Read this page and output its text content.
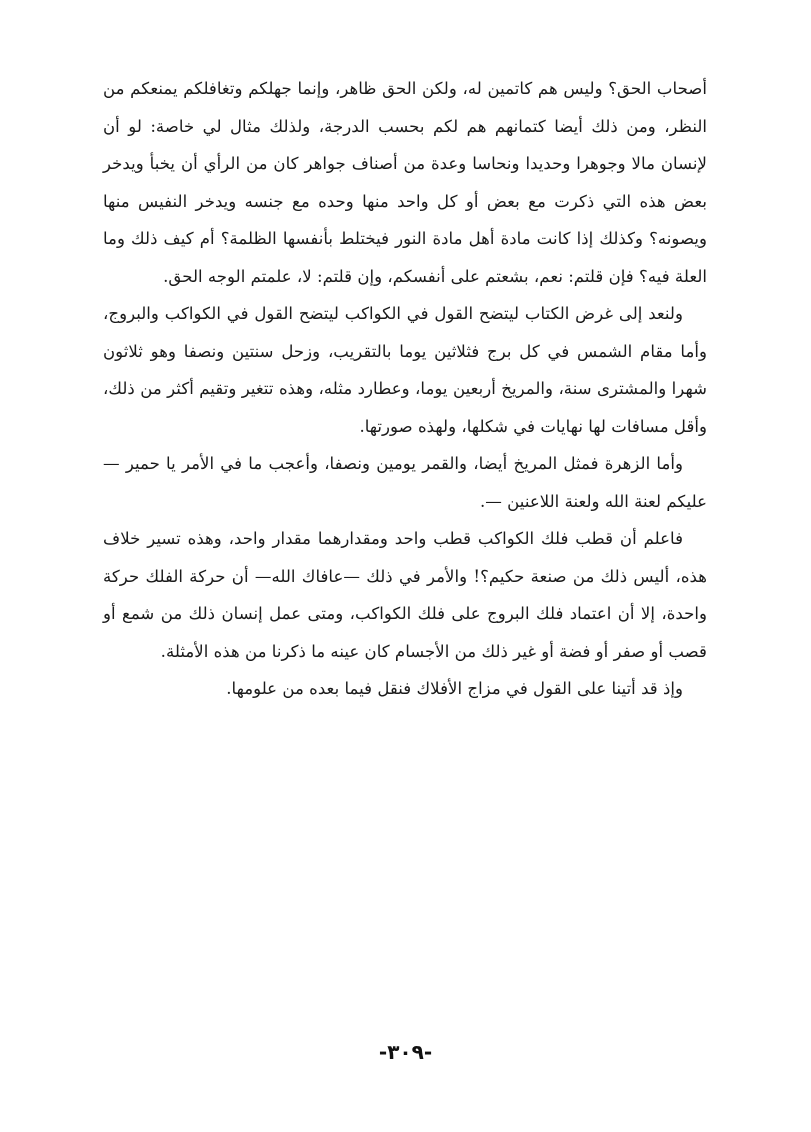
أصحاب الحق؟ وليس هم كاتمين له، ولكن الحق ظاهر، وإنما جهلكم وتغافلكم يمنعكم من النظر، ومن ذلك أيضا كتمانهم هم لكم بحسب الدرجة، ولذلك مثال لي خاصة: لو أن لإنسان مالا وجوهرا وحديدا ونحاسا وعدة من أصناف جواهر كان من الرأي أن يخبأ ويدخر بعض هذه التي ذكرت مع بعض أو كل واحد منها وحده مع جنسه ويدخر النفيس منها ويصونه؟ وكذلك إذا كانت مادة أهل مادة النور فيختلط بأنفسها الظلمة؟ أم كيف ذلك وما العلة فيه؟ فإن قلتم: نعم، بشعتم على أنفسكم، وإن قلتم: لا، علمتم الوجه الحق.

ولنعد إلى غرض الكتاب ليتضح القول في الكواكب ليتضح القول في الكواكب والبروج، وأما مقام الشمس في كل برج فثلاثين يوما بالتقريب، وزحل سنتين ونصفا وهو ثلاثون شهرا والمشترى سنة، والمريخ أربعين يوما، وعطارد مثله، وهذه تتغير وتقيم أكثر من ذلك، وأقل مسافات لها نهايات في شكلها، ولهذه صورتها.

وأما الزهرة فمثل المريخ أيضا، والقمر يومين ونصفا، وأعجب ما في الأمر يا حمير — عليكم لعنة الله ولعنة اللاعنين —.

فاعلم أن قطب فلك الكواكب قطب واحد ومقدارهما مقدار واحد، وهذه تسير خلاف هذه، أليس ذلك من صنعة حكيم؟! والأمر في ذلك —عافاك الله— أن حركة الفلك حركة واحدة، إلا أن اعتماد فلك البروج على فلك الكواكب، ومتى عمل إنسان ذلك من شمع أو قصب أو صفر أو فضة أو غير ذلك من الأجسام كان عينه ما ذكرنا من هذه الأمثلة.

وإذ قد أتينا على القول في مزاج الأفلاك فنقل فيما بعده من علومها.

-٣٠٩-
